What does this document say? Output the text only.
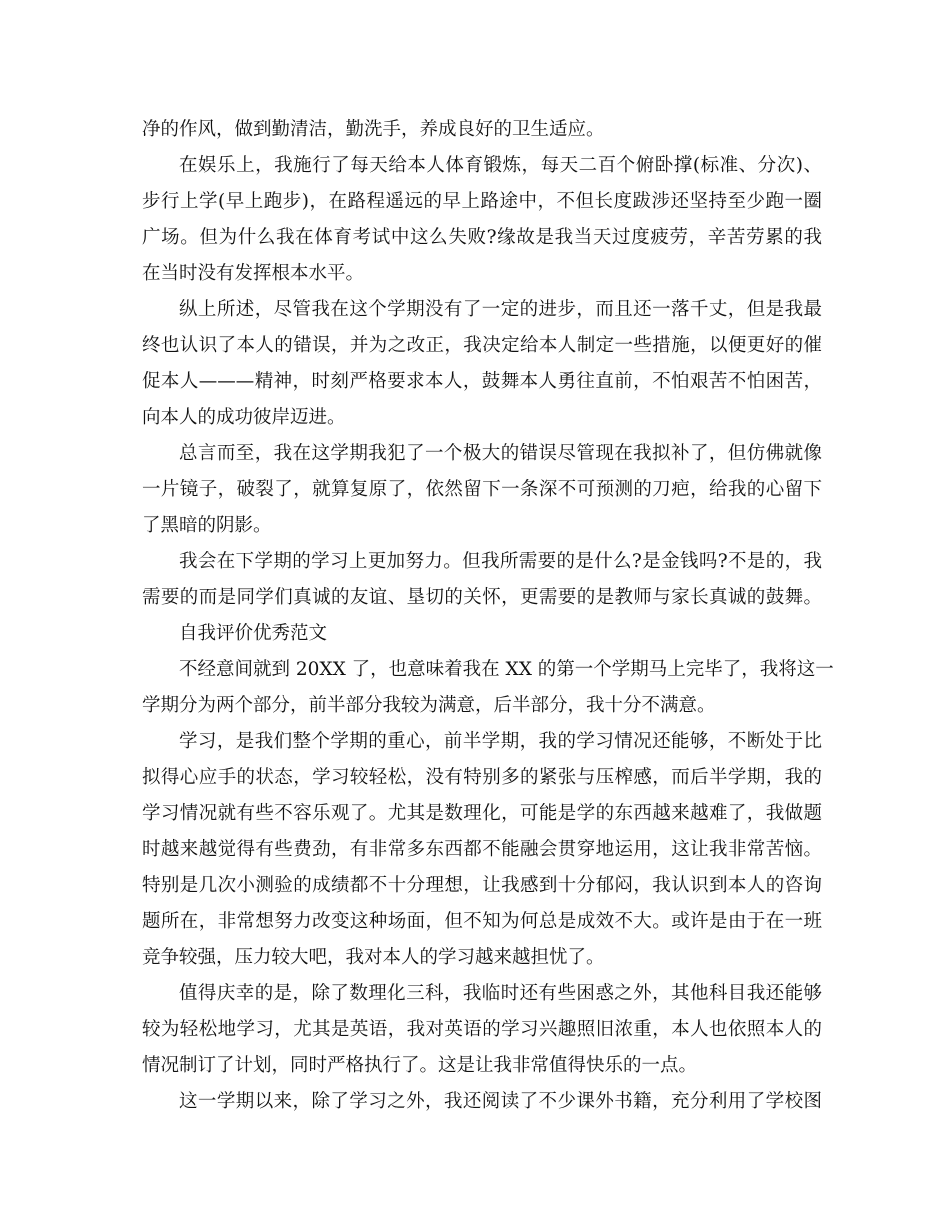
净的作风，做到勤清洁，勤洗手，养成良好的卫生适应。
在娱乐上，我施行了每天给本人体育锻炼，每天二百个俯卧撑(标准、分次)、
步行上学(早上跑步)，在路程遥远的早上路途中，不但长度跋涉还坚持至少跑一圈
广场。但为什么我在体育考试中这么失败?缘故是我当天过度疲劳，辛苦劳累的我
在当时没有发挥根本水平。
纵上所述，尽管我在这个学期没有了一定的进步，而且还一落千丈，但是我最
终也认识了本人的错误，并为之改正，我决定给本人制定一些措施，以便更好的催
促本人———精神，时刻严格要求本人，鼓舞本人勇往直前，不怕艰苦不怕困苦，
向本人的成功彼岸迈进。
总言而至，我在这学期我犯了一个极大的错误尽管现在我拟补了，但仿佛就像
一片镜子，破裂了，就算复原了，依然留下一条深不可预测的刀疤，给我的心留下
了黑暗的阴影。
我会在下学期的学习上更加努力。但我所需要的是什么?是金钱吗?不是的，我
需要的而是同学们真诚的友谊、垦切的关怀，更需要的是教师与家长真诚的鼓舞。
自我评价优秀范文
不经意间就到 20XX 了，也意味着我在 XX 的第一个学期马上完毕了，我将这一
学期分为两个部分，前半部分我较为满意，后半部分，我十分不满意。
学习，是我们整个学期的重心，前半学期，我的学习情况还能够，不断处于比
拟得心应手的状态，学习较轻松，没有特别多的紧张与压榨感，而后半学期，我的
学习情况就有些不容乐观了。尤其是数理化，可能是学的东西越来越难了，我做题
时越来越觉得有些费劲，有非常多东西都不能融会贯穿地运用，这让我非常苦恼。
特别是几次小测验的成绩都不十分理想，让我感到十分郁闷，我认识到本人的咨询
题所在，非常想努力改变这种场面，但不知为何总是成效不大。或许是由于在一班
竞争较强，压力较大吧，我对本人的学习越来越担忧了。
值得庆幸的是，除了数理化三科，我临时还有些困惑之外，其他科目我还能够
较为轻松地学习，尤其是英语，我对英语的学习兴趣照旧浓重，本人也依照本人的
情况制订了计划，同时严格执行了。这是让我非常值得快乐的一点。
这一学期以来，除了学习之外，我还阅读了不少课外书籍，充分利用了学校图
